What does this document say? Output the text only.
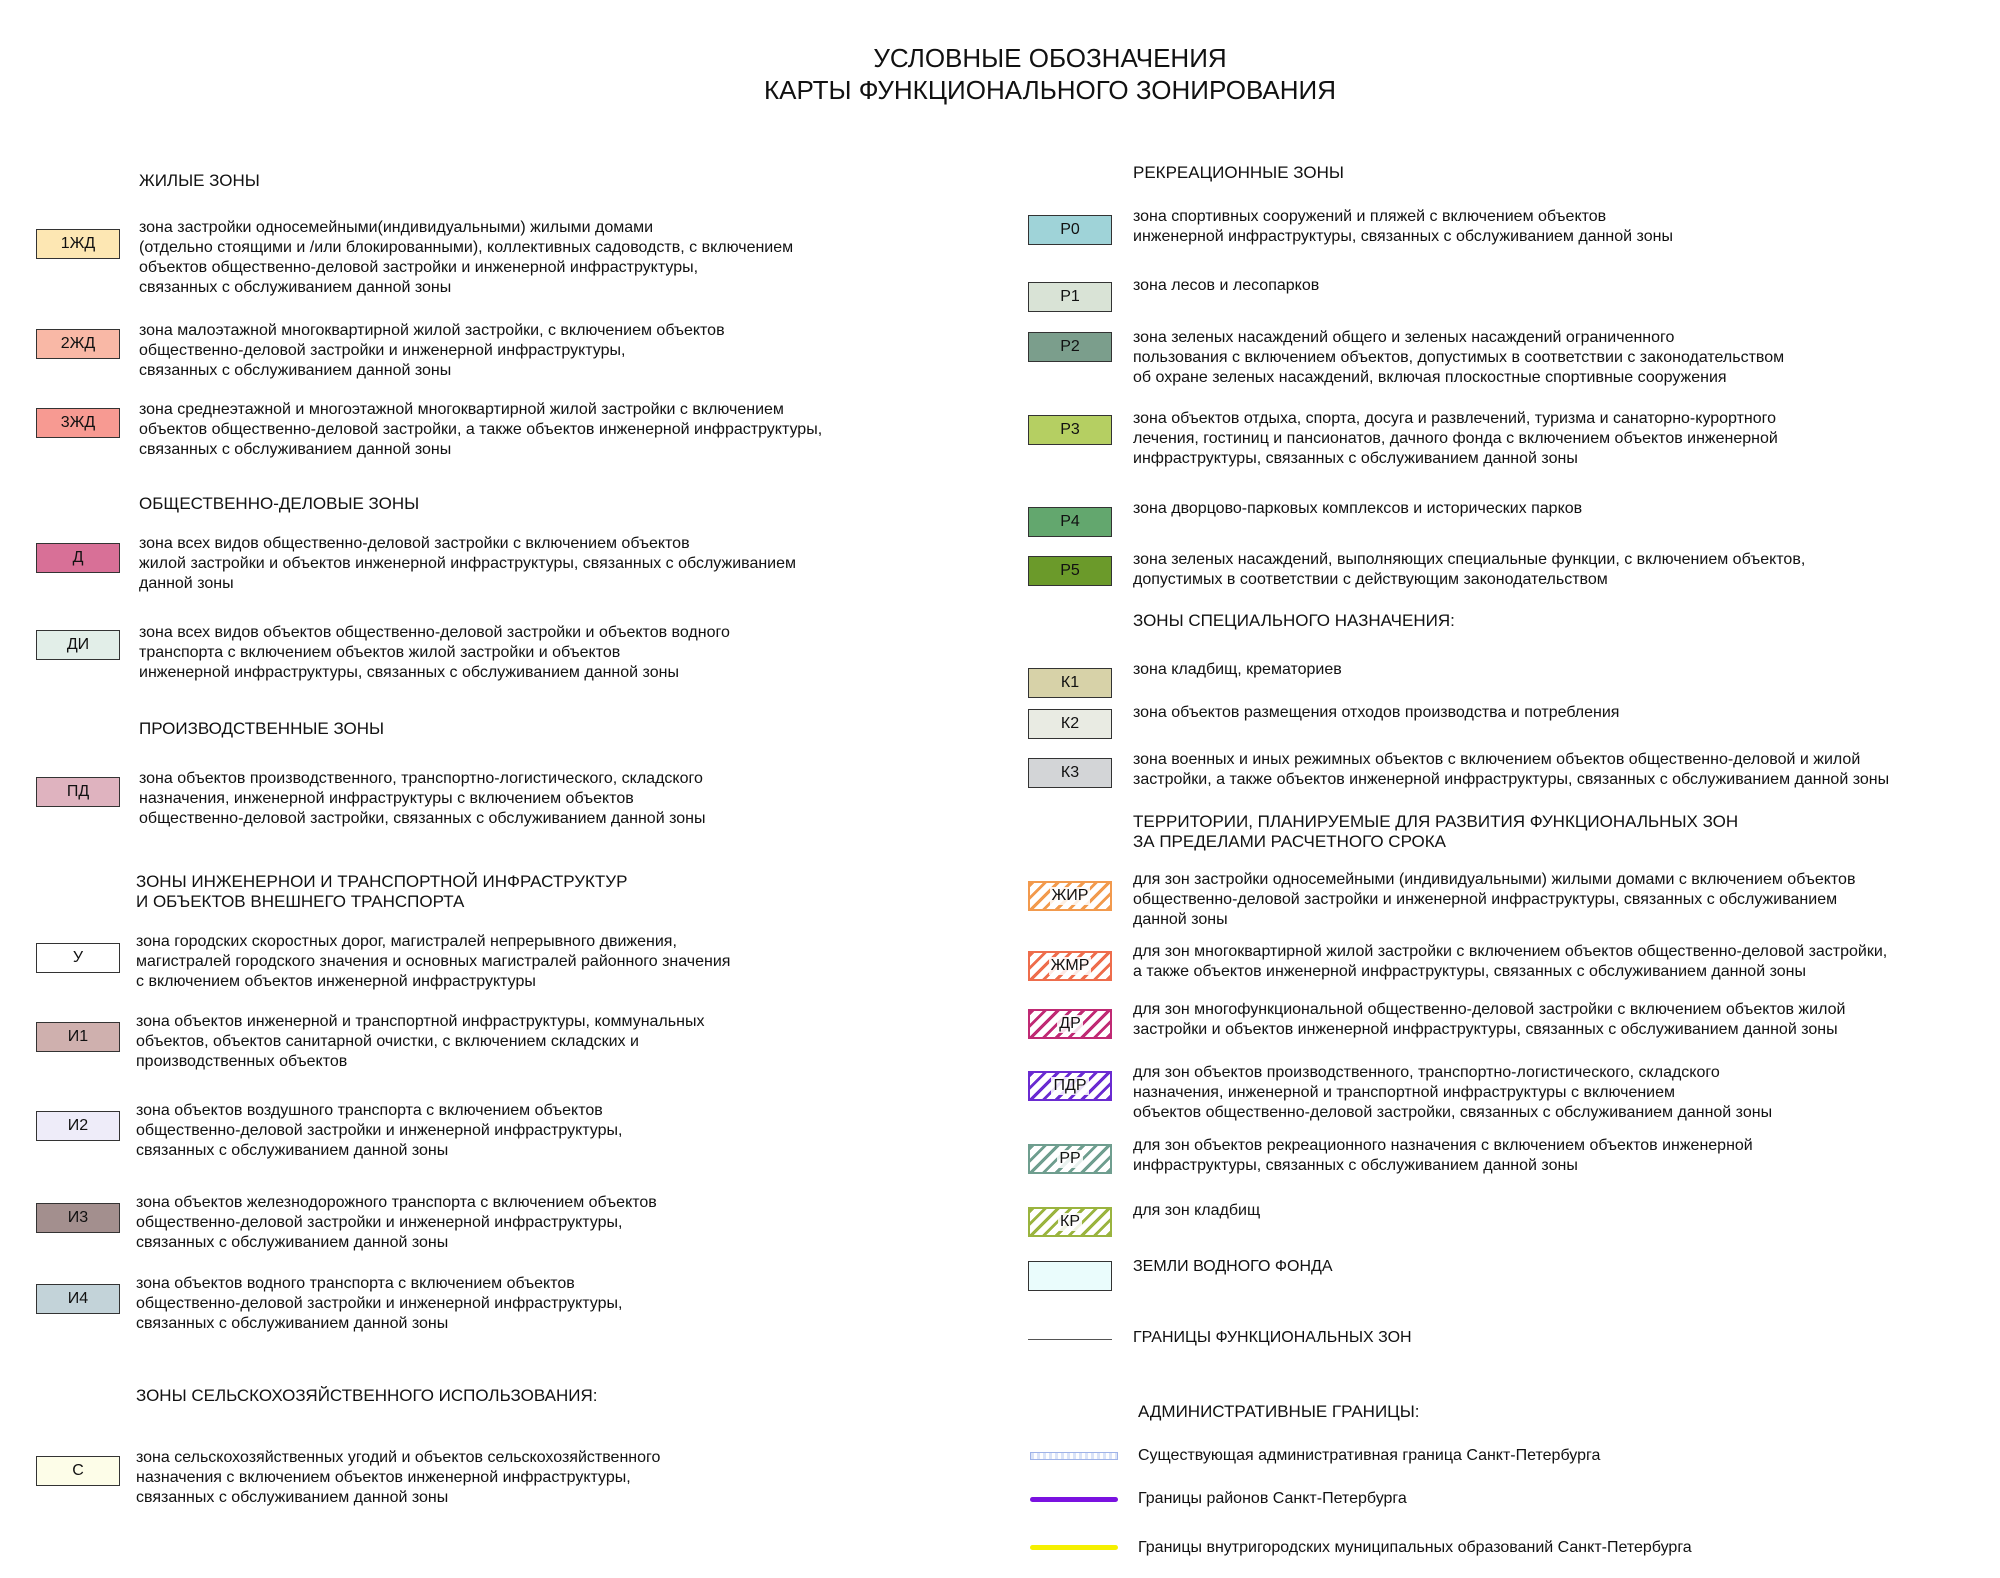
УСЛОВНЫЕ ОБОЗНАЧЕНИЯ
КАРТЫ ФУНКЦИОНАЛЬНОГО ЗОНИРОВАНИЯ
ЖИЛЫЕ ЗОНЫ
1ЖД
зона застройки односемейными(индивидуальными) жилыми домами
(отдельно стоящими и /или блокированными), коллективных садоводств, с включением
объектов общественно-деловой застройки и инженерной инфраструктуры,
связанных с обслуживанием данной зоны
2ЖД
зона малоэтажной многоквартирной жилой застройки, с включением объектов
общественно-деловой застройки и инженерной инфраструктуры,
связанных с обслуживанием данной зоны
3ЖД
зона среднеэтажной и многоэтажной многоквартирной жилой застройки с включением
объектов общественно-деловой застройки, а также объектов инженерной инфраструктуры,
связанных с обслуживанием данной зоны
ОБЩЕСТВЕННО-ДЕЛОВЫЕ ЗОНЫ
Д
зона всех видов общественно-деловой застройки с включением объектов
жилой застройки и объектов инженерной инфраструктуры, связанных с обслуживанием
данной зоны
ДИ
зона всех видов объектов общественно-деловой застройки и объектов водного
транспорта с включением объектов жилой застройки и объектов
инженерной инфраструктуры, связанных с обслуживанием данной зоны
ПРОИЗВОДСТВЕННЫЕ ЗОНЫ
ПД
зона объектов производственного, транспортно-логистического, складского
назначения, инженерной инфраструктуры с включением объектов
общественно-деловой застройки, связанных с обслуживанием данной зоны
ЗОНЫ ИНЖЕНЕРНОИ И ТРАНСПОРТНОЙ ИНФРАСТРУКТУР
И ОБЪЕКТОВ ВНЕШНЕГО ТРАНСПОРТА
У
зона городских скоростных дорог, магистралей непрерывного движения,
магистралей городского значения и основных магистралей районного значения
с включением объектов инженерной инфраструктуры
И1
зона объектов инженерной и транспортной инфраструктуры, коммунальных
объектов, объектов санитарной очистки, с включением складских и
производственных объектов
И2
зона объектов воздушного транспорта с включением объектов
общественно-деловой застройки и инженерной инфраструктуры,
связанных с обслуживанием данной зоны
И3
зона объектов железнодорожного транспорта с включением объектов
общественно-деловой застройки и инженерной инфраструктуры,
связанных с обслуживанием данной зоны
И4
зона объектов водного транспорта с включением объектов
общественно-деловой застройки и инженерной инфраструктуры,
связанных с обслуживанием данной зоны
ЗОНЫ СЕЛЬСКОХОЗЯЙСТВЕННОГО ИСПОЛЬЗОВАНИЯ:
С
зона сельскохозяйственных угодий и объектов сельскохозяйственного
назначения с включением объектов инженерной инфраструктуры,
связанных с обслуживанием данной зоны
РЕКРЕАЦИОННЫЕ ЗОНЫ
Р0
зона спортивных сооружений и пляжей с включением объектов
инженерной инфраструктуры, связанных с обслуживанием данной зоны
Р1
зона лесов и лесопарков
Р2
зона зеленых насаждений общего и зеленых насаждений ограниченного
пользования с включением объектов, допустимых в соответствии с законодательством
об охране зеленых насаждений, включая плоскостные спортивные сооружения
Р3
зона объектов отдыха, спорта, досуга и развлечений, туризма и санаторно-курортного
лечения, гостиниц и пансионатов, дачного фонда с включением объектов инженерной
инфраструктуры, связанных с обслуживанием данной зоны
Р4
зона дворцово-парковых комплексов и исторических парков
Р5
зона зеленых насаждений, выполняющих специальные функции, с включением объектов,
допустимых в соответствии с действующим законодательством
ЗОНЫ СПЕЦИАЛЬНОГО НАЗНАЧЕНИЯ:
К1
зона кладбищ, крематориев
К2
зона объектов размещения отходов производства и потребления
К3
зона военных и иных режимных объектов с включением объектов общественно-деловой и жилой
застройки, а также объектов инженерной инфраструктуры, связанных с обслуживанием данной зоны
ТЕРРИТОРИИ, ПЛАНИРУЕМЫЕ ДЛЯ РАЗВИТИЯ ФУНКЦИОНАЛЬНЫХ ЗОН
ЗА ПРЕДЕЛАМИ РАСЧЕТНОГО СРОКА
ЖИР
для зон застройки односемейными (индивидуальными) жилыми домами с включением объектов
общественно-деловой застройки и инженерной инфраструктуры, связанных с обслуживанием
данной зоны
ЖМР
для зон многоквартирной жилой застройки с включением объектов общественно-деловой застройки,
а также объектов инженерной инфраструктуры, связанных с обслуживанием данной зоны
ДР
для зон многофункциональной общественно-деловой застройки с включением объектов жилой
застройки и объектов инженерной инфраструктуры, связанных с обслуживанием данной зоны
ПДР
для зон объектов производственного, транспортно-логистического, складского
назначения, инженерной и транспортной инфраструктуры с включением
объектов общественно-деловой застройки, связанных с обслуживанием данной зоны
РР
для зон объектов рекреационного назначения с включением объектов инженерной
инфраструктуры, связанных с обслуживанием данной зоны
КР
для зон кладбищ
ЗЕМЛИ ВОДНОГО ФОНДА
ГРАНИЦЫ ФУНКЦИОНАЛЬНЫХ ЗОН
АДМИНИСТРАТИВНЫЕ ГРАНИЦЫ:
Существующая административная граница Санкт-Петербурга
Границы районов Санкт-Петербурга
Границы внутригородских муниципальных образований Санкт-Петербурга
